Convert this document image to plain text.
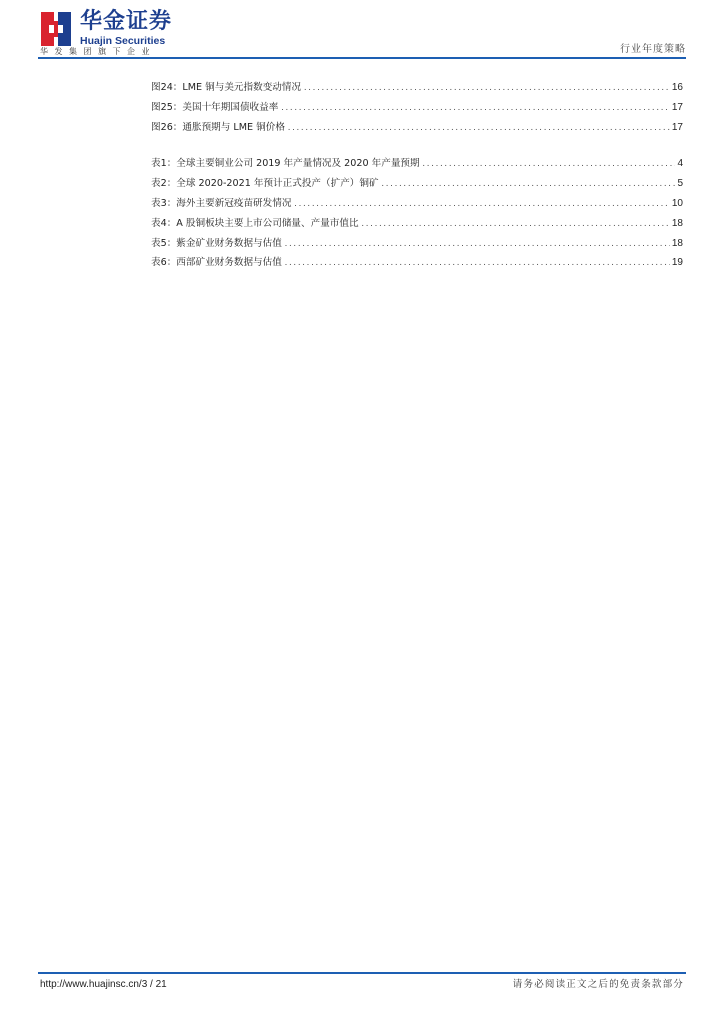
华金证券
Huajin Securities
华发集团旗下企业	行业年度策略
图24：LME 铜与美元指数变动情况 .....	16
图25：美国十年期国债收益率 .....	17
图26：通胀预期与 LME 铜价格 .....	17
表1：全球主要铜业公司 2019 年产量情况及 2020 年产量预期 .....	4
表2：全球 2020-2021 年预计正式投产（扩产）铜矿 .....	5
表3：海外主要新冠疫苗研发情况 .....	10
表4：A 股铜板块主要上市公司储量、产量市值比 .....	18
表5：紫金矿业财务数据与估值 .....	18
表6：西部矿业财务数据与估值 .....	19
http://www.huajinsc.cn/3 / 21	请务必阅读正文之后的免责条款部分
